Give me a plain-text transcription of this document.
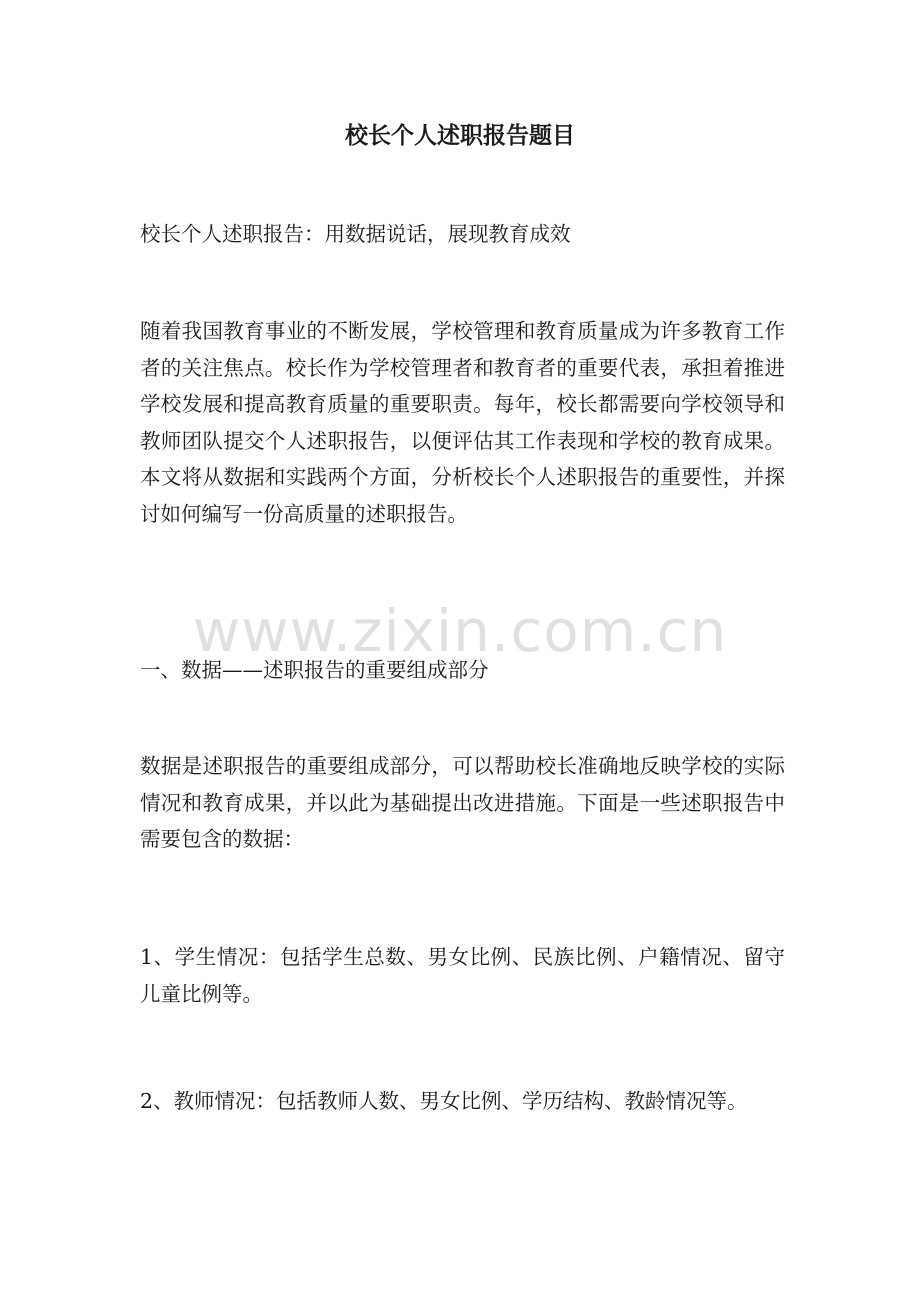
校长个人述职报告题目

校长个人述职报告：用数据说话，展现教育成效

随着我国教育事业的不断发展，学校管理和教育质量成为许多教育工作者的关注焦点。校长作为学校管理者和教育者的重要代表，承担着推进学校发展和提高教育质量的重要职责。每年，校长都需要向学校领导和教师团队提交个人述职报告，以便评估其工作表现和学校的教育成果。本文将从数据和实践两个方面，分析校长个人述职报告的重要性，并探讨如何编写一份高质量的述职报告。

一、数据——述职报告的重要组成部分

数据是述职报告的重要组成部分，可以帮助校长准确地反映学校的实际情况和教育成果，并以此为基础提出改进措施。下面是一些述职报告中需要包含的数据：

1、学生情况：包括学生总数、男女比例、民族比例、户籍情况、留守儿童比例等。

2、教师情况：包括教师人数、男女比例、学历结构、教龄情况等。

www.zixin.com.cn
